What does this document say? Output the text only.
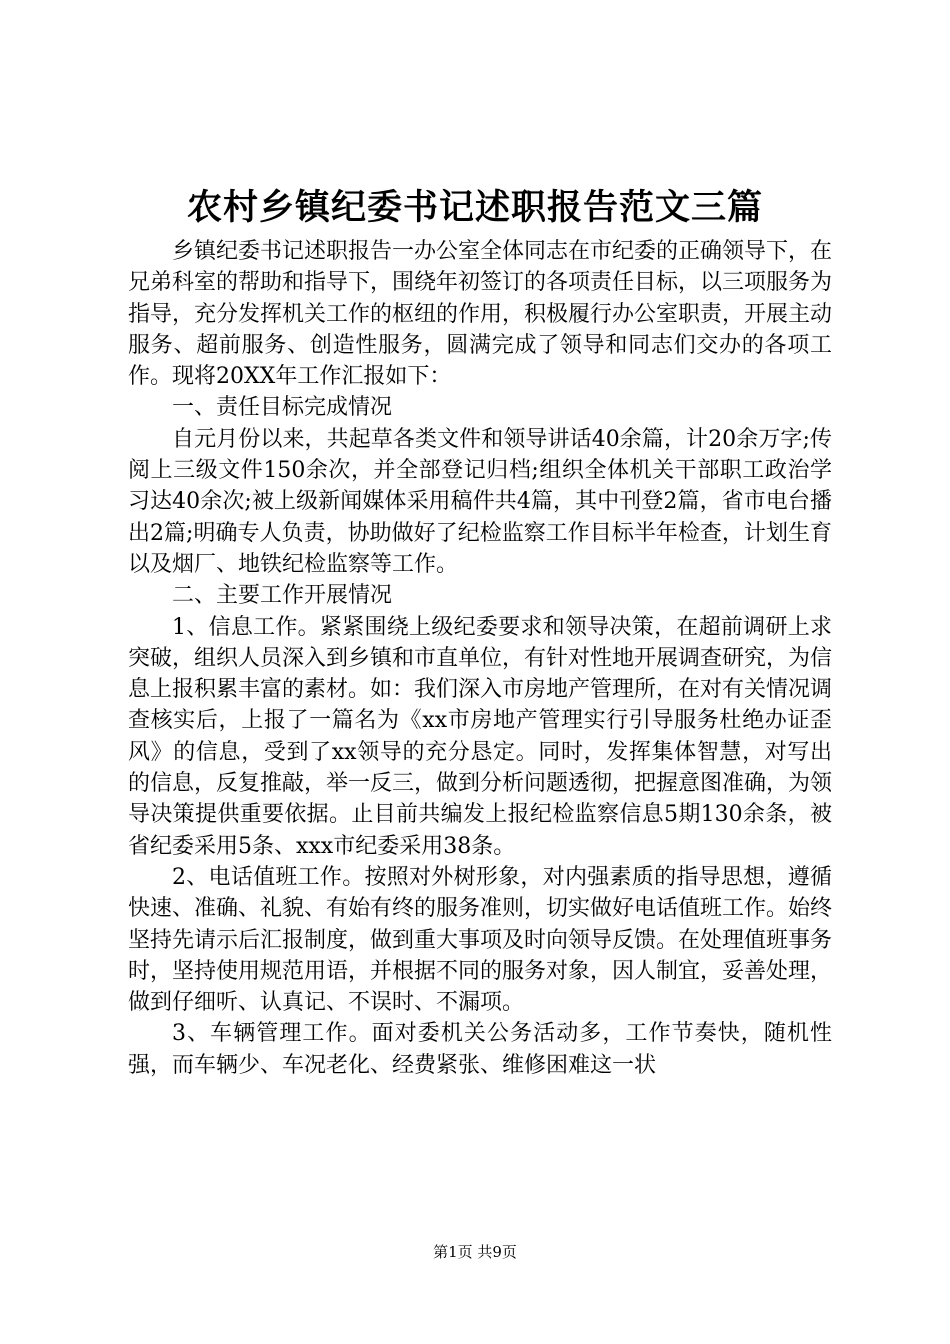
农村乡镇纪委书记述职报告范文三篇

乡镇纪委书记述职报告一办公室全体同志在市纪委的正确领导下，在兄弟科室的帮助和指导下，围绕年初签订的各项责任目标，以三项服务为指导，充分发挥机关工作的枢纽的作用，积极履行办公室职责，开展主动服务、超前服务、创造性服务，圆满完成了领导和同志们交办的各项工作。现将20XX年工作汇报如下：

一、责任目标完成情况

自元月份以来，共起草各类文件和领导讲话40余篇，计20余万字;传阅上三级文件150余次，并全部登记归档;组织全体机关干部职工政治学习达40余次;被上级新闻媒体采用稿件共4篇，其中刊登2篇，省市电台播出2篇;明确专人负责，协助做好了纪检监察工作目标半年检查，计划生育以及烟厂、地铁纪检监察等工作。

二、主要工作开展情况

1、信息工作。紧紧围绕上级纪委要求和领导决策，在超前调研上求突破，组织人员深入到乡镇和市直单位，有针对性地开展调查研究，为信息上报积累丰富的素材。如：我们深入市房地产管理所，在对有关情况调查核实后，上报了一篇名为《xx市房地产管理实行引导服务杜绝办证歪风》的信息，受到了xx领导的充分恳定。同时，发挥集体智慧，对写出的信息，反复推敲，举一反三，做到分析问题透彻，把握意图准确，为领导决策提供重要依据。止目前共编发上报纪检监察信息5期130余条，被省纪委采用5条、xxx市纪委采用38条。

2、电话值班工作。按照对外树形象，对内强素质的指导思想，遵循快速、准确、礼貌、有始有终的服务准则，切实做好电话值班工作。始终坚持先请示后汇报制度，做到重大事项及时向领导反馈。在处理值班事务时，坚持使用规范用语，并根据不同的服务对象，因人制宜，妥善处理，做到仔细听、认真记、不误时、不漏项。

3、车辆管理工作。面对委机关公务活动多，工作节奏快，随机性强，而车辆少、车况老化、经费紧张、维修困难这一状

第1页 共9页
